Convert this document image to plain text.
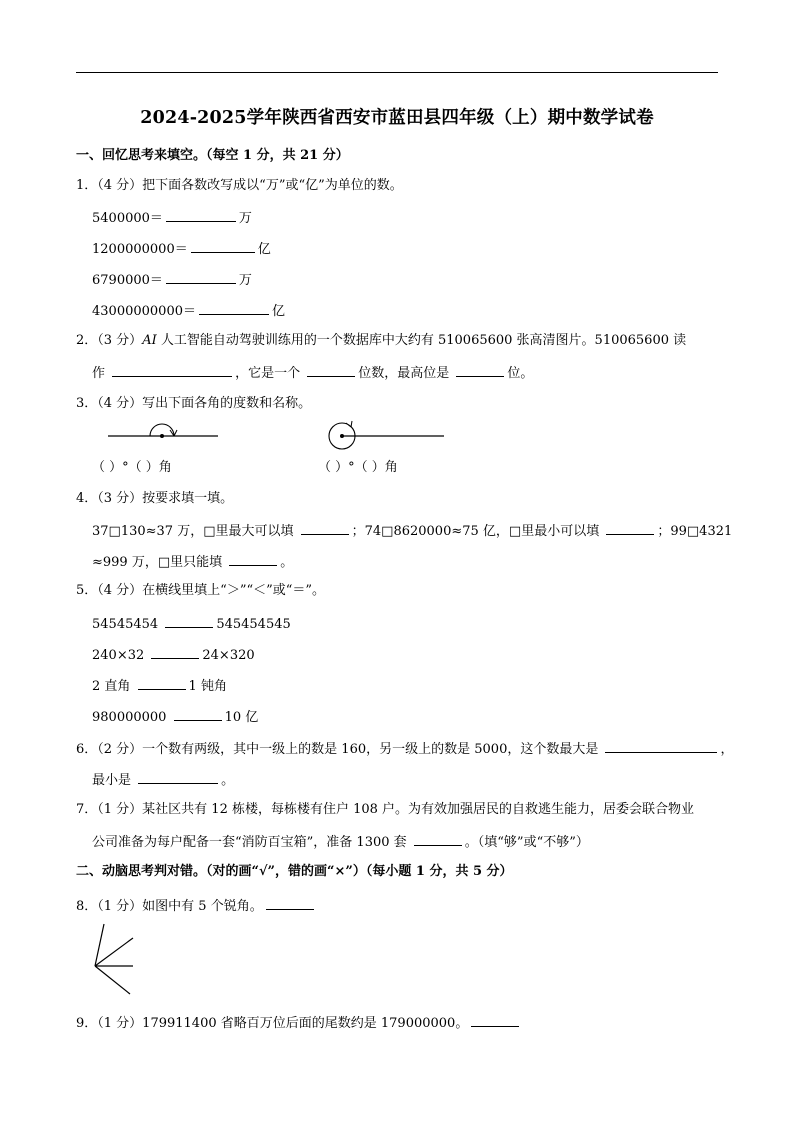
2024-2025学年陕西省西安市蓝田县四年级（上）期中数学试卷
一、回忆思考来填空。（每空 1 分，共 21 分）
1．（4 分）把下面各数改写成以“万”或“亿”为单位的数。
5400000＝	万
1200000000＝	亿
6790000＝	万
43000000000＝	亿
2．（3 分）AI 人工智能自动驾驶训练用的一个数据库中大约有 510065600 张高清图片。510065600 读
作	，它是一个	位数，最高位是	位。
3．（4 分）写出下面各角的度数和名称。
（ ）°（ ）角	（ ）°（ ）角
4．（3 分）按要求填一填。
37□130≈37 万，□里最大可以填	；74□8620000≈75 亿，□里最小可以填	；99□4321
≈999 万，□里只能填	。
5．（4 分）在横线里填上“＞”“＜”或“＝”。
54545454	545454545
240×32	24×320
2 直角	1 钝角
980000000	10 亿
6．（2 分）一个数有两级，其中一级上的数是 160，另一级上的数是 5000，这个数最大是	，
最小是	。
7．（1 分）某社区共有 12 栋楼，每栋楼有住户 108 户。为有效加强居民的自救逃生能力，居委会联合物业
公司准备为每户配备一套“消防百宝箱”，准备 1300 套	。（填“够”或“不够”）
二、动脑思考判对错。（对的画“√”，错的画“×”）（每小题 1 分，共 5 分）
8．（1 分）如图中有 5 个锐角。
9．（1 分）179911400 省略百万位后面的尾数约是 179000000。
